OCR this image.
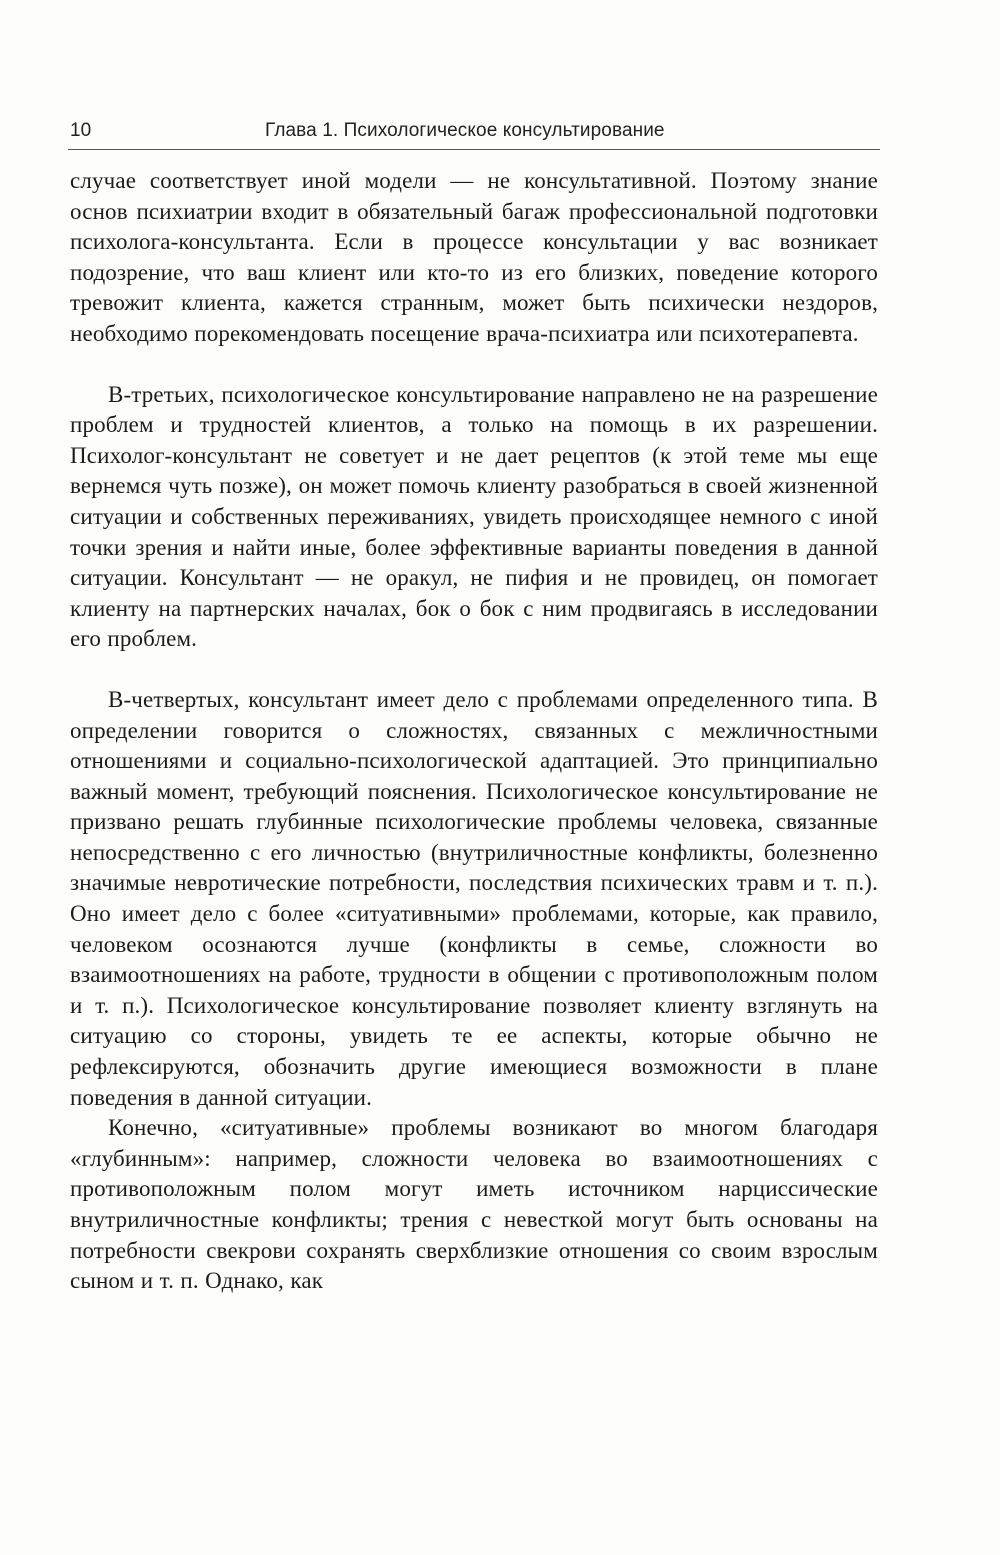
10	Глава 1. Психологическое консультирование

случае соответствует иной модели — не консультативной. Поэтому знание основ психиатрии входит в обязательный багаж профессиональной подготовки психолога-консультанта. Если в процессе консультации у вас возникает подозрение, что ваш клиент или кто-то из его близких, поведение которого тревожит клиента, кажется странным, может быть психически нездоров, необходимо порекомендовать посещение врача-психиатра или психотерапевта.

В-третьих, психологическое консультирование направлено не на разрешение проблем и трудностей клиентов, а только на помощь в их разрешении. Психолог-консультант не советует и не дает рецептов (к этой теме мы еще вернемся чуть позже), он может помочь клиенту разобраться в своей жизненной ситуации и собственных переживаниях, увидеть происходящее немного с иной точки зрения и найти иные, более эффективные варианты поведения в данной ситуации. Консультант — не оракул, не пифия и не провидец, он помогает клиенту на партнерских началах, бок о бок с ним продвигаясь в исследовании его проблем.

В-четвертых, консультант имеет дело с проблемами определенного типа. В определении говорится о сложностях, связанных с межличностными отношениями и социально-психологической адаптацией. Это принципиально важный момент, требующий пояснения. Психологическое консультирование не призвано решать глубинные психологические проблемы человека, связанные непосредственно с его личностью (внутриличностные конфликты, болезненно значимые невротические потребности, последствия психических травм и т. п.). Оно имеет дело с более «ситуативными» проблемами, которые, как правило, человеком осознаются лучше (конфликты в семье, сложности во взаимоотношениях на работе, трудности в общении с противоположным полом и т. п.). Психологическое консультирование позволяет клиенту взглянуть на ситуацию со стороны, увидеть те ее аспекты, которые обычно не рефлексируются, обозначить другие имеющиеся возможности в плане поведения в данной ситуации.

Конечно, «ситуативные» проблемы возникают во многом благодаря «глубинным»: например, сложности человека во взаимоотношениях с противоположным полом могут иметь источником нарциссические внутриличностные конфликты; трения с невесткой могут быть основаны на потребности свекрови сохранять сверхблизкие отношения со своим взрослым сыном и т. п. Однако, как
